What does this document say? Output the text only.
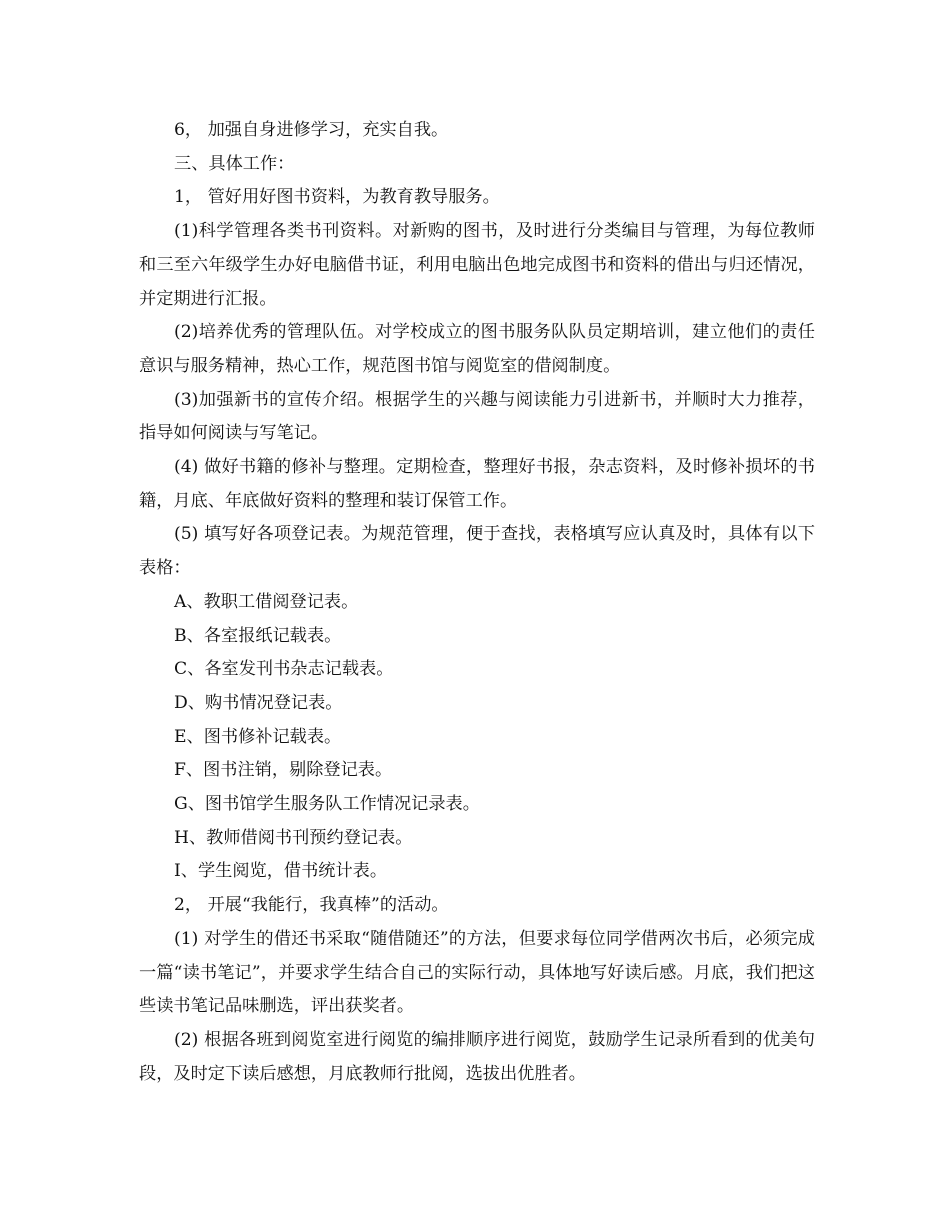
6， 加强自身进修学习，充实自我。

三、具体工作：

1， 管好用好图书资料，为教育教导服务。

(1)科学管理各类书刊资料。对新购的图书，及时进行分类编目与管理，为每位教师和三至六年级学生办好电脑借书证，利用电脑出色地完成图书和资料的借出与归还情况，并定期进行汇报。

(2)培养优秀的管理队伍。对学校成立的图书服务队队员定期培训，建立他们的责任意识与服务精神，热心工作，规范图书馆与阅览室的借阅制度。

(3)加强新书的宣传介绍。根据学生的兴趣与阅读能力引进新书，并顺时大力推荐，指导如何阅读与写笔记。

(4) 做好书籍的修补与整理。定期检查，整理好书报，杂志资料，及时修补损坏的书籍，月底、年底做好资料的整理和装订保管工作。

(5) 填写好各项登记表。为规范管理，便于查找，表格填写应认真及时，具体有以下表格：

A、教职工借阅登记表。

B、各室报纸记载表。

C、各室发刊书杂志记载表。

D、购书情况登记表。

E、图书修补记载表。

F、图书注销，剔除登记表。

G、图书馆学生服务队工作情况记录表。

H、教师借阅书刊预约登记表。

I、学生阅览，借书统计表。

2， 开展“我能行，我真棒”的活动。

(1) 对学生的借还书采取“随借随还”的方法，但要求每位同学借两次书后，必须完成一篇“读书笔记”，并要求学生结合自己的实际行动，具体地写好读后感。月底，我们把这些读书笔记品味删选，评出获奖者。

(2) 根据各班到阅览室进行阅览的编排顺序进行阅览，鼓励学生记录所看到的优美句段，及时定下读后感想，月底教师行批阅，选拔出优胜者。
